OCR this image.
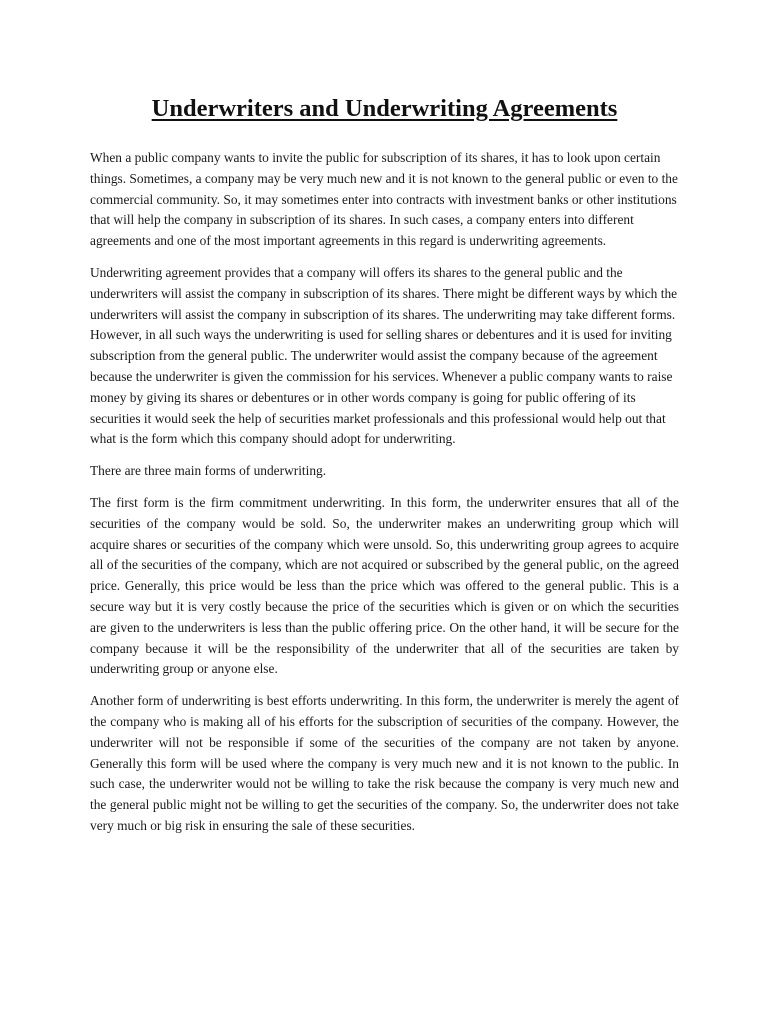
Underwriters and Underwriting Agreements

When a public company wants to invite the public for subscription of its shares, it has to look upon certain things. Sometimes, a company may be very much new and it is not known to the general public or even to the commercial community. So, it may sometimes enter into contracts with investment banks or other institutions that will help the company in subscription of its shares. In such cases, a company enters into different agreements and one of the most important agreements in this regard is underwriting agreements.

Underwriting agreement provides that a company will offers its shares to the general public and the underwriters will assist the company in subscription of its shares. There might be different ways by which the underwriters will assist the company in subscription of its shares. The underwriting may take different forms. However, in all such ways the underwriting is used for selling shares or debentures and it is used for inviting subscription from the general public. The underwriter would assist the company because of the agreement because the underwriter is given the commission for his services. Whenever a public company wants to raise money by giving its shares or debentures or in other words company is going for public offering of its securities it would seek the help of securities market professionals and this professional would help out that what is the form which this company should adopt for underwriting.

There are three main forms of underwriting.

The first form is the firm commitment underwriting. In this form, the underwriter ensures that all of the securities of the company would be sold. So, the underwriter makes an underwriting group which will acquire shares or securities of the company which were unsold. So, this underwriting group agrees to acquire all of the securities of the company, which are not acquired or subscribed by the general public, on the agreed price. Generally, this price would be less than the price which was offered to the general public. This is a secure way but it is very costly because the price of the securities which is given or on which the securities are given to the underwriters is less than the public offering price. On the other hand, it will be secure for the company because it will be the responsibility of the underwriter that all of the securities are taken by underwriting group or anyone else.

Another form of underwriting is best efforts underwriting. In this form, the underwriter is merely the agent of the company who is making all of his efforts for the subscription of securities of the company. However, the underwriter will not be responsible if some of the securities of the company are not taken by anyone. Generally this form will be used where the company is very much new and it is not known to the public. In such case, the underwriter would not be willing to take the risk because the company is very much new and the general public might not be willing to get the securities of the company. So, the underwriter does not take very much or big risk in ensuring the sale of these securities.
